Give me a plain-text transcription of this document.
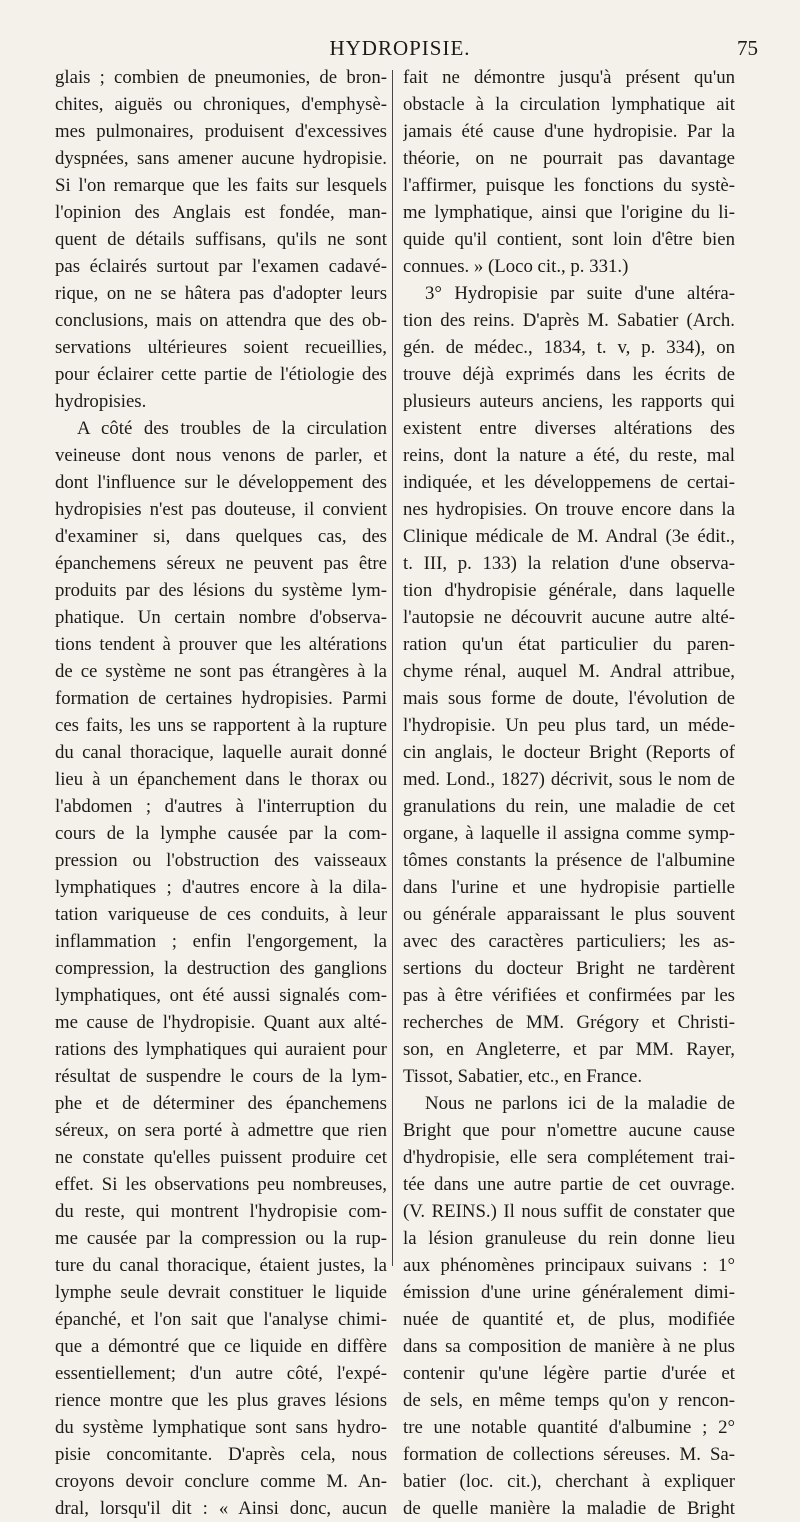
HYDROPISIE.	75
glais ; combien de pneumonies, de bron-
chites, aiguës ou chroniques, d'emphysè-
mes pulmonaires, produisent d'excessives
dyspnées, sans amener aucune hydropisie.
Si l'on remarque que les faits sur lesquels
l'opinion des Anglais est fondée, man-
quent de détails suffisans, qu'ils ne sont
pas éclairés surtout par l'examen cadavé-
rique, on ne se hâtera pas d'adopter leurs
conclusions, mais on attendra que des ob-
servations ultérieures soient recueillies,
pour éclairer cette partie de l'étiologie des
hydropisies.
A côté des troubles de la circulation
veineuse dont nous venons de parler, et
dont l'influence sur le développement des
hydropisies n'est pas douteuse, il convient
d'examiner si, dans quelques cas, des
épanchemens séreux ne peuvent pas être
produits par des lésions du système lym-
phatique. Un certain nombre d'observa-
tions tendent à prouver que les altérations
de ce système ne sont pas étrangères à la
formation de certaines hydropisies. Parmi
ces faits, les uns se rapportent à la rupture
du canal thoracique, laquelle aurait donné
lieu à un épanchement dans le thorax ou
l'abdomen ; d'autres à l'interruption du
cours de la lymphe causée par la com-
pression ou l'obstruction des vaisseaux
lymphatiques ; d'autres encore à la dila-
tation variqueuse de ces conduits, à leur
inflammation ; enfin l'engorgement, la
compression, la destruction des ganglions
lymphatiques, ont été aussi signalés com-
me cause de l'hydropisie. Quant aux alté-
rations des lymphatiques qui auraient pour
résultat de suspendre le cours de la lym-
phe et de déterminer des épanchemens
séreux, on sera porté à admettre que rien
ne constate qu'elles puissent produire cet
effet. Si les observations peu nombreuses,
du reste, qui montrent l'hydropisie com-
me causée par la compression ou la rup-
ture du canal thoracique, étaient justes, la
lymphe seule devrait constituer le liquide
épanché, et l'on sait que l'analyse chimi-
que a démontré que ce liquide en diffère
essentiellement; d'un autre côté, l'expé-
rience montre que les plus graves lésions
du système lymphatique sont sans hydro-
pisie concomitante. D'après cela, nous
croyons devoir conclure comme M. An-
dral, lorsqu'il dit : « Ainsi donc, aucun
fait ne démontre jusqu'à présent qu'un
obstacle à la circulation lymphatique ait
jamais été cause d'une hydropisie. Par la
théorie, on ne pourrait pas davantage
l'affirmer, puisque les fonctions du systè-
me lymphatique, ainsi que l'origine du li-
quide qu'il contient, sont loin d'être bien
connues. » (Loco cit., p. 331.)
3° Hydropisie par suite d'une altéra-
tion des reins. D'après M. Sabatier (Arch.
gén. de médec., 1834, t. v, p. 334), on
trouve déjà exprimés dans les écrits de
plusieurs auteurs anciens, les rapports qui
existent entre diverses altérations des
reins, dont la nature a été, du reste, mal
indiquée, et les développemens de certai-
nes hydropisies. On trouve encore dans la
Clinique médicale de M. Andral (3e édit.,
t. III, p. 133) la relation d'une observa-
tion d'hydropisie générale, dans laquelle
l'autopsie ne découvrit aucune autre alté-
ration qu'un état particulier du paren-
chyme rénal, auquel M. Andral attribue,
mais sous forme de doute, l'évolution de
l'hydropisie. Un peu plus tard, un méde-
cin anglais, le docteur Bright (Reports of
med. Lond., 1827) décrivit, sous le nom de
granulations du rein, une maladie de cet
organe, à laquelle il assigna comme symp-
tômes constants la présence de l'albumine
dans l'urine et une hydropisie partielle
ou générale apparaissant le plus souvent
avec des caractères particuliers; les as-
sertions du docteur Bright ne tardèrent
pas à être vérifiées et confirmées par les
recherches de MM. Grégory et Christi-
son, en Angleterre, et par MM. Rayer,
Tissot, Sabatier, etc., en France.
Nous ne parlons ici de la maladie de
Bright que pour n'omettre aucune cause
d'hydropisie, elle sera complétement trai-
tée dans une autre partie de cet ouvrage.
(V. REINS.) Il nous suffit de constater que
la lésion granuleuse du rein donne lieu
aux phénomènes principaux suivans : 1°
émission d'une urine généralement dimi-
nuée de quantité et, de plus, modifiée
dans sa composition de manière à ne plus
contenir qu'une légère partie d'urée et
de sels, en même temps qu'on y rencon-
tre une notable quantité d'albumine ; 2°
formation de collections séreuses. M. Sa-
batier (loc. cit.), cherchant à expliquer
de quelle manière la maladie de Bright
